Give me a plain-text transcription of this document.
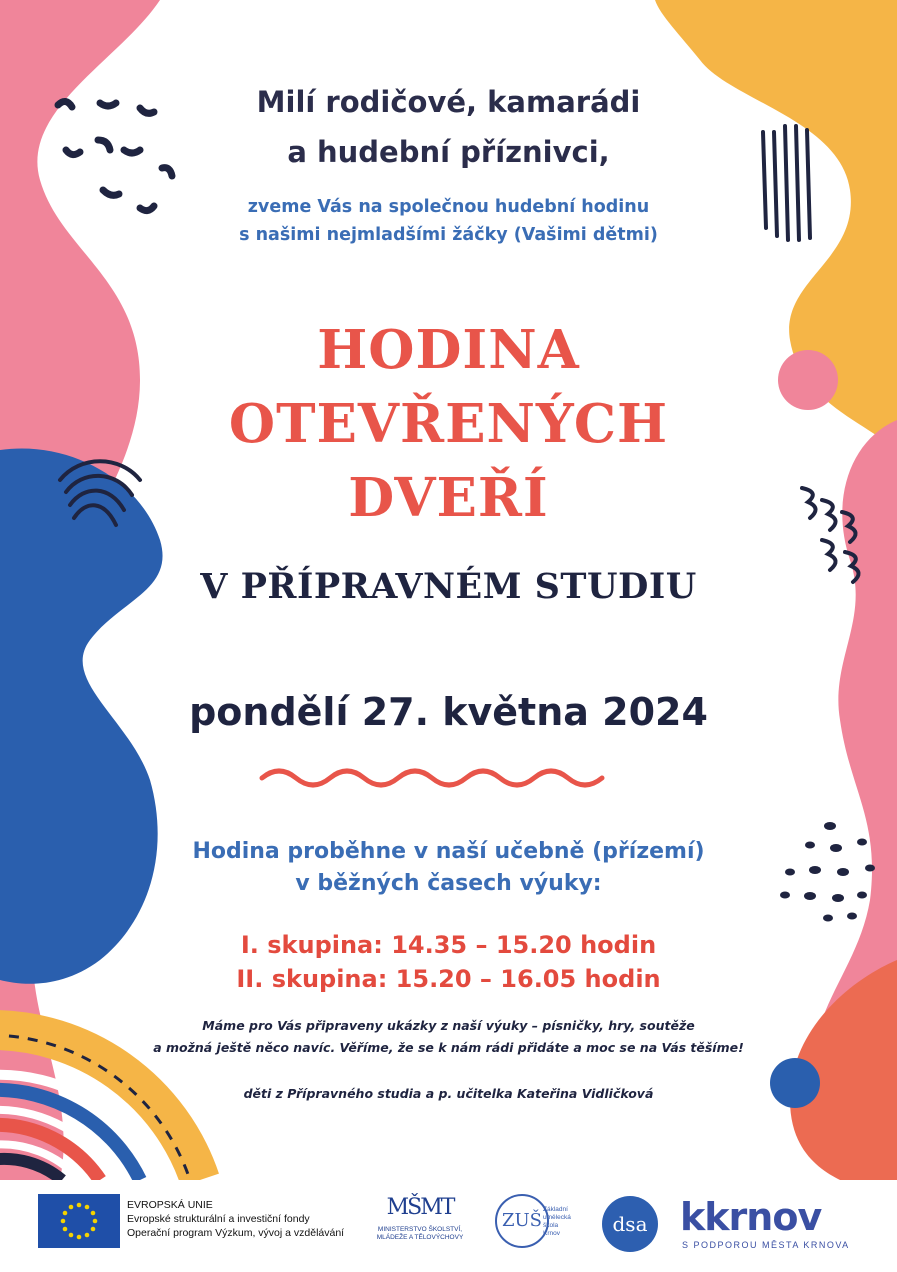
Milí rodičové, kamarádi
a hudební příznivci,
zveme Vás na společnou hudební hodinu
s našimi nejmladšími žáčky (Vašimi dětmi)
HODINA
OTEVŘENÝCH
DVEŘÍ
V PŘÍPRAVNÉM STUDIU
pondělí 27. května 2024
Hodina proběhne v naší učebně (přízemí)
v běžných časech výuky:
I. skupina: 14.35 – 15.20 hodin
II. skupina: 15.20 – 16.05 hodin
Máme pro Vás připraveny ukázky z naší výuky – písničky, hry, soutěže
a možná ještě něco navíc. Věříme, že se k nám rádi přidáte a moc se na Vás těšíme!
děti z Přípravného studia a p. učitelka Kateřina Vidličková
EVROPSKÁ UNIE
Evropské strukturální a investiční fondy
Operační program Výzkum, vývoj a vzdělávání
MŠMT
MINISTERSTVO ŠKOLSTVÍ,
MLÁDEŽE A TĚLOVÝCHOVY
ZUŠ
Základní
umělecká
škola
Krnov	dsa kkrnov
S PODPOROU MĚSTA KRNOVA
